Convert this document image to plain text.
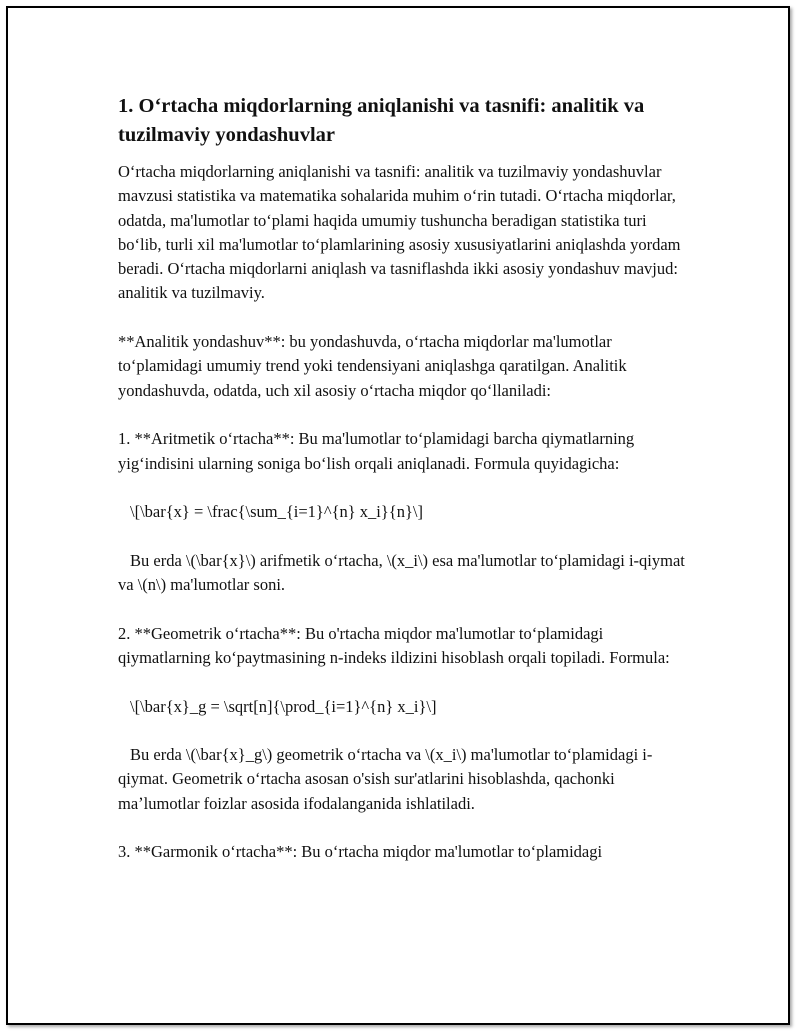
1. Oʻrtacha miqdorlarning aniqlanishi va tasnifi: analitik va tuzilmaviy yondashuvlar

Oʻrtacha miqdorlarning aniqlanishi va tasnifi: analitik va tuzilmaviy yondashuvlar mavzusi statistika va matematika sohalarida muhim oʻrin tutadi. Oʻrtacha miqdorlar, odatda, ma'lumotlar toʻplami haqida umumiy tushuncha beradigan statistika turi boʻlib, turli xil ma'lumotlar toʻplamlarining asosiy xususiyatlarini aniqlashda yordam beradi. Oʻrtacha miqdorlarni aniqlash va tasniflashda ikki asosiy yondashuv mavjud: analitik va tuzilmaviy.

**Analitik yondashuv**: bu yondashuvda, oʻrtacha miqdorlar ma'lumotlar toʻplamidagi umumiy trend yoki tendensiyani aniqlashga qaratilgan. Analitik yondashuvda, odatda, uch xil asosiy oʻrtacha miqdor qoʻllaniladi:

1. **Aritmetik oʻrtacha**: Bu ma'lumotlar toʻplamidagi barcha qiymatlarning yigʻindisini ularning soniga boʻlish orqali aniqlanadi. Formula quyidagicha:

\[\bar{x} = \frac{\sum_{i=1}^{n} x_i}{n}\]

Bu erda \(\bar{x}\) arifmetik oʻrtacha, \(x_i\) esa ma'lumotlar toʻplamidagi i-qiymat va \(n\) ma'lumotlar soni.

2. **Geometrik oʻrtacha**: Bu o'rtacha miqdor ma'lumotlar toʻplamidagi qiymatlarning koʻpaytmasining n-indeks ildizini hisoblash orqali topiladi. Formula:

\[\bar{x}_g = \sqrt[n]{\prod_{i=1}^{n} x_i}\]

Bu erda \(\bar{x}_g\) geometrik oʻrtacha va \(x_i\) ma'lumotlar toʻplamidagi i-qiymat. Geometrik oʻrtacha asosan o'sish sur'atlarini hisoblashda, qachonki maʼlumotlar foizlar asosida ifodalanganida ishlatiladi.

3. **Garmonik oʻrtacha**: Bu oʻrtacha miqdor ma'lumotlar toʻplamidagi
